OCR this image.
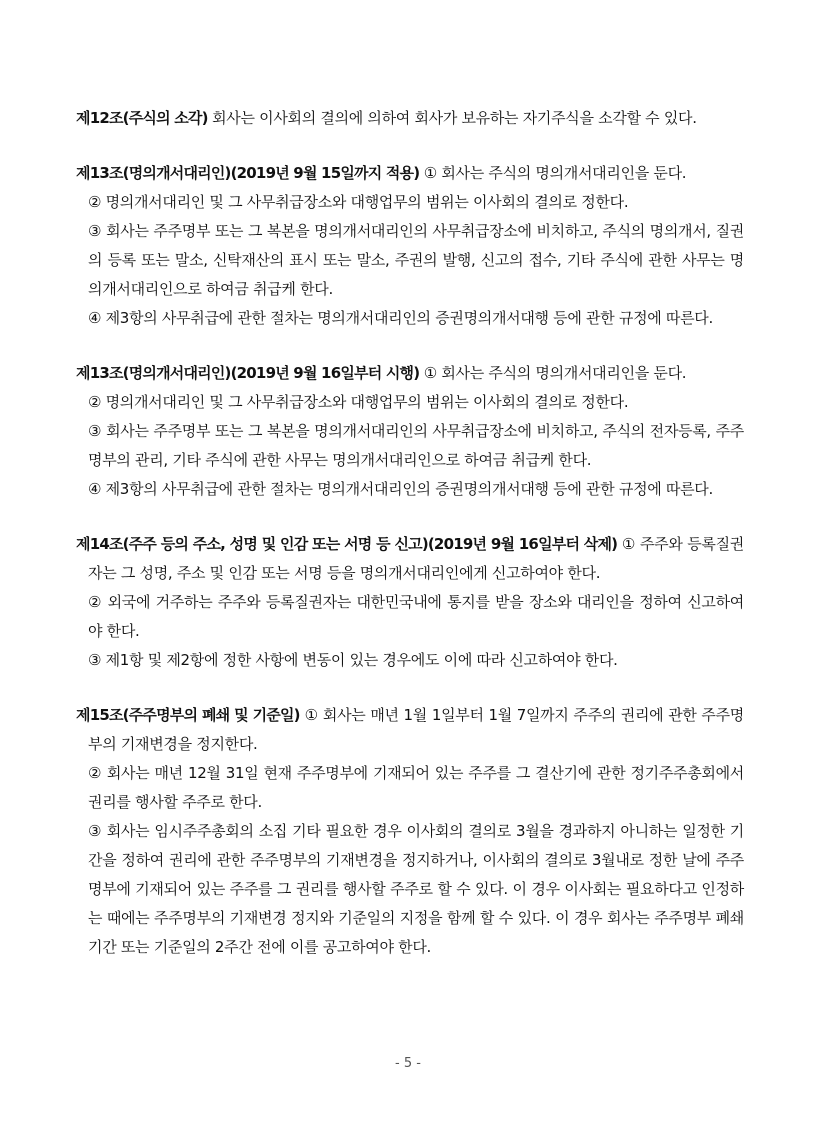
제12조(주식의 소각) 회사는 이사회의 결의에 의하여 회사가 보유하는 자기주식을 소각할 수 있다.

제13조(명의개서대리인)(2019년 9월 15일까지 적용) ① 회사는 주식의 명의개서대리인을 둔다.

② 명의개서대리인 및 그 사무취급장소와 대행업무의 범위는 이사회의 결의로 정한다.

③ 회사는 주주명부 또는 그 복본을 명의개서대리인의 사무취급장소에 비치하고, 주식의 명의개서, 질권의 등록 또는 말소, 신탁재산의 표시 또는 말소, 주권의 발행, 신고의 접수, 기타 주식에 관한 사무는 명의개서대리인으로 하여금 취급케 한다.

④ 제3항의 사무취급에 관한 절차는 명의개서대리인의 증권명의개서대행 등에 관한 규정에 따른다.

제13조(명의개서대리인)(2019년 9월 16일부터 시행) ① 회사는 주식의 명의개서대리인을 둔다.

② 명의개서대리인 및 그 사무취급장소와 대행업무의 범위는 이사회의 결의로 정한다.

③ 회사는 주주명부 또는 그 복본을 명의개서대리인의 사무취급장소에 비치하고, 주식의 전자등록, 주주명부의 관리, 기타 주식에 관한 사무는 명의개서대리인으로 하여금 취급케 한다.

④ 제3항의 사무취급에 관한 절차는 명의개서대리인의 증권명의개서대행 등에 관한 규정에 따른다.

제14조(주주 등의 주소, 성명 및 인감 또는 서명 등 신고)(2019년 9월 16일부터 삭제) ① 주주와 등록질권자는 그 성명, 주소 및 인감 또는 서명 등을 명의개서대리인에게 신고하여야 한다.

② 외국에 거주하는 주주와 등록질권자는 대한민국내에 통지를 받을 장소와 대리인을 정하여 신고하여야 한다.

③ 제1항 및 제2항에 정한 사항에 변동이 있는 경우에도 이에 따라 신고하여야 한다.

제15조(주주명부의 폐쇄 및 기준일) ① 회사는 매년 1월 1일부터 1월 7일까지 주주의 권리에 관한 주주명부의 기재변경을 정지한다.

② 회사는 매년 12월 31일 현재 주주명부에 기재되어 있는 주주를 그 결산기에 관한 정기주주총회에서 권리를 행사할 주주로 한다.

③ 회사는 임시주주총회의 소집 기타 필요한 경우 이사회의 결의로 3월을 경과하지 아니하는 일정한 기간을 정하여 권리에 관한 주주명부의 기재변경을 정지하거나, 이사회의 결의로 3월내로 정한 날에 주주명부에 기재되어 있는 주주를 그 권리를 행사할 주주로 할 수 있다. 이 경우 이사회는 필요하다고 인정하는 때에는 주주명부의 기재변경 정지와 기준일의 지정을 함께 할 수 있다. 이 경우 회사는 주주명부 폐쇄기간 또는 기준일의 2주간 전에 이를 공고하여야 한다.

- 5 -
